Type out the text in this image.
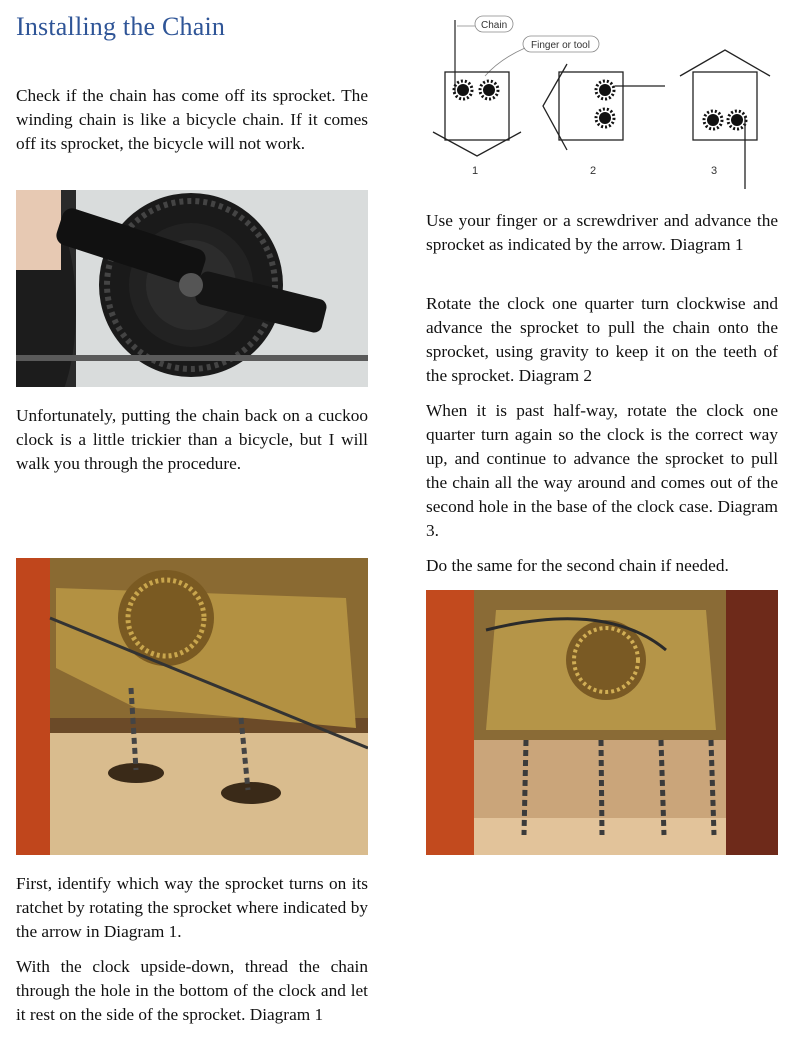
Installing the Chain

Check if the chain has come off its sprocket. The winding chain is like a bicycle chain. If it comes off its sprocket, the bicycle will not work.

Unfortunately, putting the chain back on a cuckoo clock is a little trickier than a bicycle, but I will walk you through the procedure.

First, identify which way the sprocket turns on its ratchet by rotating the sprocket where indicated by the arrow in Diagram 1.

With the clock upside-down, thread the chain through the hole in the bottom of the clock and let it rest on the side of the sprocket. Diagram 1

Chain
Finger or tool
1	2	3

Use your finger or a screwdriver and advance the sprocket as indicated by the arrow. Diagram 1

Rotate the clock one quarter turn clockwise and advance the sprocket to pull the chain onto the sprocket, using gravity to keep it on the teeth of the sprocket. Diagram 2

When it is past half-way, rotate the clock one quarter turn again so the clock is the correct way up, and continue to advance the sprocket to pull the chain all the way around and comes out of the second hole in the base of the clock case. Diagram 3.

Do the same for the second chain if needed.
